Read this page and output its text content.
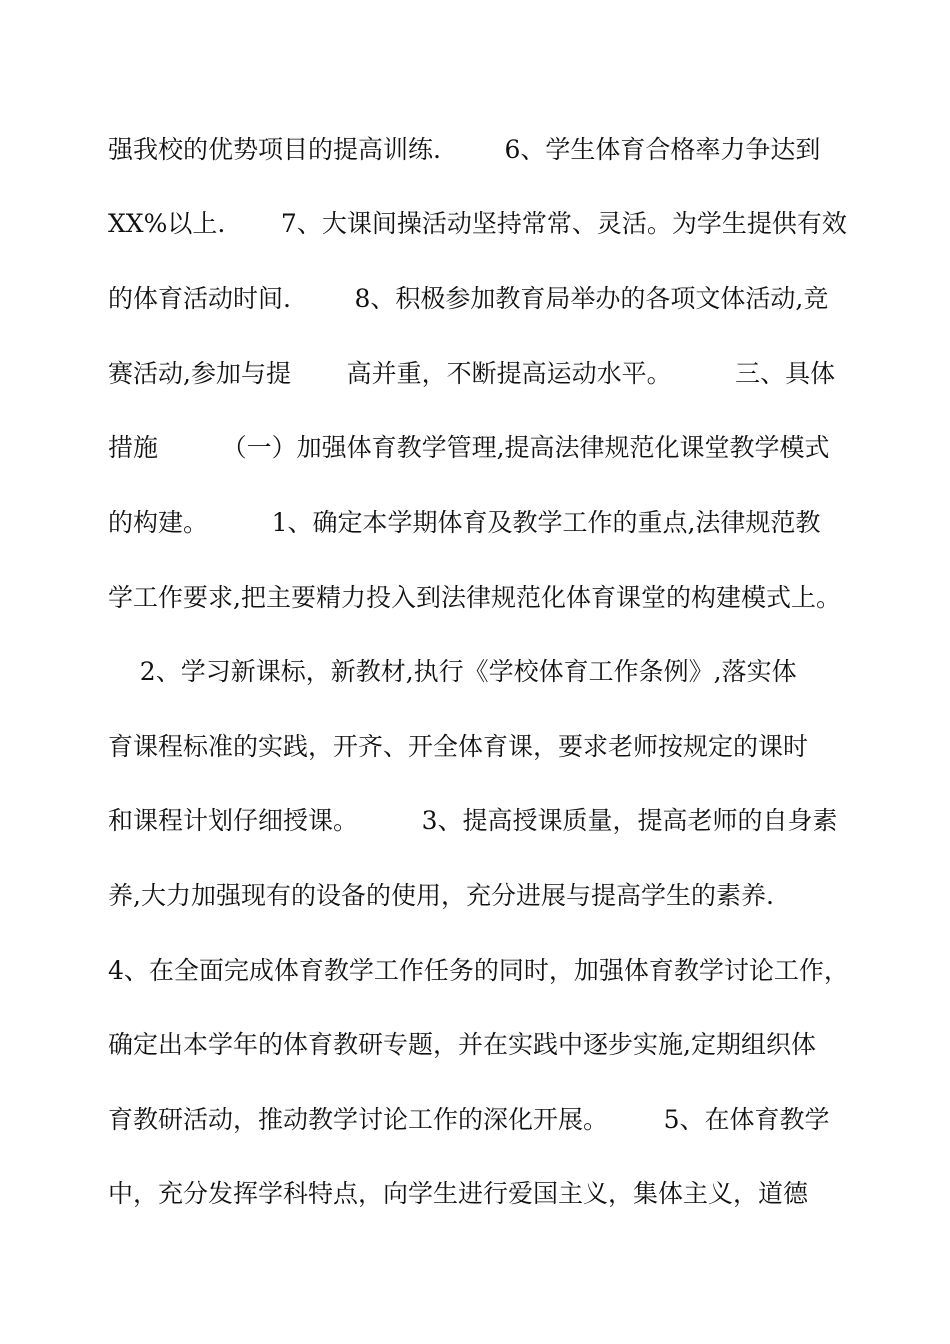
强我校的优势项目的提高训练.        6、学生体育合格率力争达到
XX%以上.       7、大课间操活动坚持常常、灵活。为学生提供有效
的体育活动时间.        8、积极参加教育局举办的各项文体活动,竞
赛活动,参加与提       高并重，不断提高运动水平。        三、具体
措施        （一）加强体育教学管理,提高法律规范化课堂教学模式
的构建。        1、确定本学期体育及教学工作的重点,法律规范教
学工作要求,把主要精力投入到法律规范化体育课堂的构建模式上。
2、学习新课标，新教材,执行《学校体育工作条例》,落实体
育课程标准的实践，开齐、开全体育课，要求老师按规定的课时
和课程计划仔细授课。        3、提高授课质量，提高老师的自身素
养,大力加强现有的设备的使用，充分进展与提高学生的素养.
4、在全面完成体育教学工作任务的同时，加强体育教学讨论工作，
确定出本学年的体育教研专题，并在实践中逐步实施,定期组织体
育教研活动，推动教学讨论工作的深化开展。       5、在体育教学
中，充分发挥学科特点，向学生进行爱国主义，集体主义，道德
